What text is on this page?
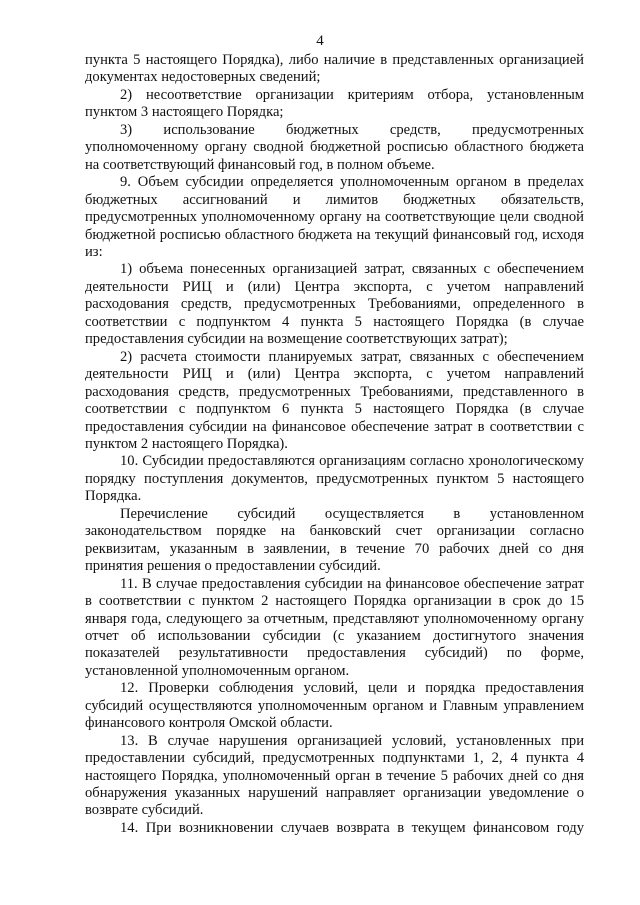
4

пункта 5 настоящего Порядка), либо наличие в представленных организацией документах недостоверных сведений;

2) несоответствие организации критериям отбора, установленным пунктом 3 настоящего Порядка;

3) использование бюджетных средств, предусмотренных уполномоченному органу сводной бюджетной росписью областного бюджета на соответствующий финансовый год, в полном объеме.

9. Объем субсидии определяется уполномоченным органом в пределах бюджетных ассигнований и лимитов бюджетных обязательств, предусмотренных уполномоченному органу на соответствующие цели сводной бюджетной росписью областного бюджета на текущий финансовый год, исходя из:

1) объема понесенных организацией затрат, связанных с обеспечением деятельности РИЦ и (или) Центра экспорта, с учетом направлений расходования средств, предусмотренных Требованиями, определенного в соответствии с подпунктом 4 пункта 5 настоящего Порядка (в случае предоставления субсидии на возмещение соответствующих затрат);

2) расчета стоимости планируемых затрат, связанных с обеспечением деятельности РИЦ и (или) Центра экспорта, с учетом направлений расходования средств, предусмотренных Требованиями, представленного в соответствии с подпунктом 6 пункта 5 настоящего Порядка (в случае предоставления субсидии на финансовое обеспечение затрат в соответствии с пунктом 2 настоящего Порядка).

10. Субсидии предоставляются организациям согласно хронологическому порядку поступления документов, предусмотренных пунктом 5 настоящего Порядка.

Перечисление субсидий осуществляется в установленном законодательством порядке на банковский счет организации согласно реквизитам, указанным в заявлении, в течение 70 рабочих дней со дня принятия решения о предоставлении субсидий.

11. В случае предоставления субсидии на финансовое обеспечение затрат в соответствии с пунктом 2 настоящего Порядка организации в срок до 15 января года, следующего за отчетным, представляют уполномоченному органу отчет об использовании субсидии (с указанием достигнутого значения показателей результативности предоставления субсидий) по форме, установленной уполномоченным органом.

12. Проверки соблюдения условий, цели и порядка предоставления субсидий осуществляются уполномоченным органом и Главным управлением финансового контроля Омской области.

13. В случае нарушения организацией условий, установленных при предоставлении субсидий, предусмотренных подпунктами 1, 2, 4 пункта 4 настоящего Порядка, уполномоченный орган в течение 5 рабочих дней со дня обнаружения указанных нарушений направляет организации уведомление о возврате субсидий.

14. При возникновении случаев возврата в текущем финансовом году
